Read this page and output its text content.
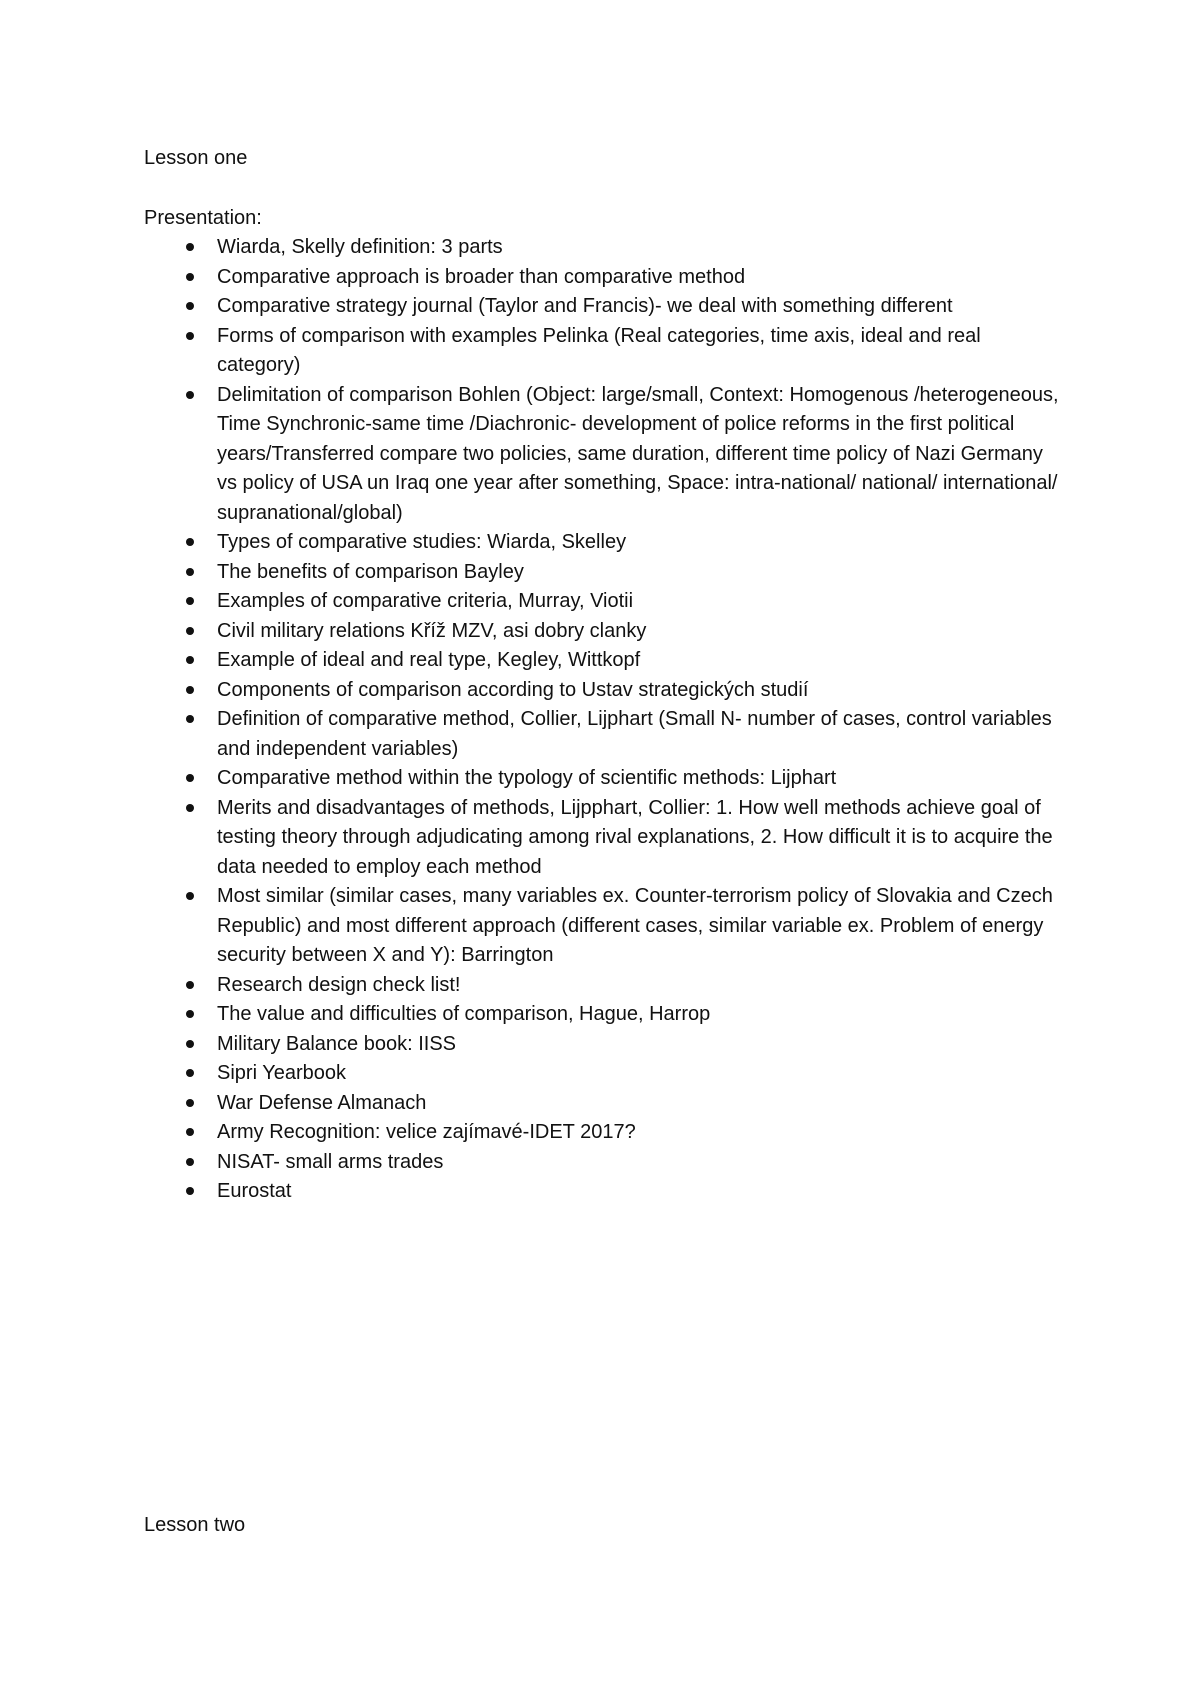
Lesson one

Presentation:

Wiarda, Skelly definition: 3 parts
Comparative approach is broader than comparative method
Comparative strategy journal (Taylor and Francis)- we deal with something different
Forms of comparison with examples Pelinka (Real categories, time axis, ideal and real category)
Delimitation of comparison Bohlen (Object: large/small, Context: Homogenous /heterogeneous, Time Synchronic-same time /Diachronic- development of police reforms in the first political years/Transferred compare two policies, same duration, different time policy of Nazi Germany vs policy of USA un Iraq one year after something, Space: intra-national/ national/ international/ supranational/global)
Types of comparative studies: Wiarda, Skelley
The benefits of comparison Bayley
Examples of comparative criteria, Murray, Viotii
Civil military relations Kříž MZV, asi dobry clanky
Example of ideal and real type, Kegley, Wittkopf
Components of comparison according to Ustav strategických studií
Definition of comparative method, Collier, Lijphart (Small N- number of cases, control variables and independent variables)
Comparative method within the typology of scientific methods: Lijphart
Merits and disadvantages of methods, Lijpphart, Collier: 1. How well methods achieve goal of testing theory through adjudicating among rival explanations, 2. How difficult it is to acquire the data needed to employ each method
Most similar (similar cases, many variables ex. Counter-terrorism policy of Slovakia and Czech Republic) and most different approach (different cases, similar variable ex. Problem of energy security between X and Y): Barrington
Research design check list!
The value and difficulties of comparison, Hague, Harrop
Military Balance book: IISS
Sipri Yearbook
War Defense Almanach
Army Recognition: velice zajímavé-IDET 2017?
NISAT- small arms trades
Eurostat

Lesson two
